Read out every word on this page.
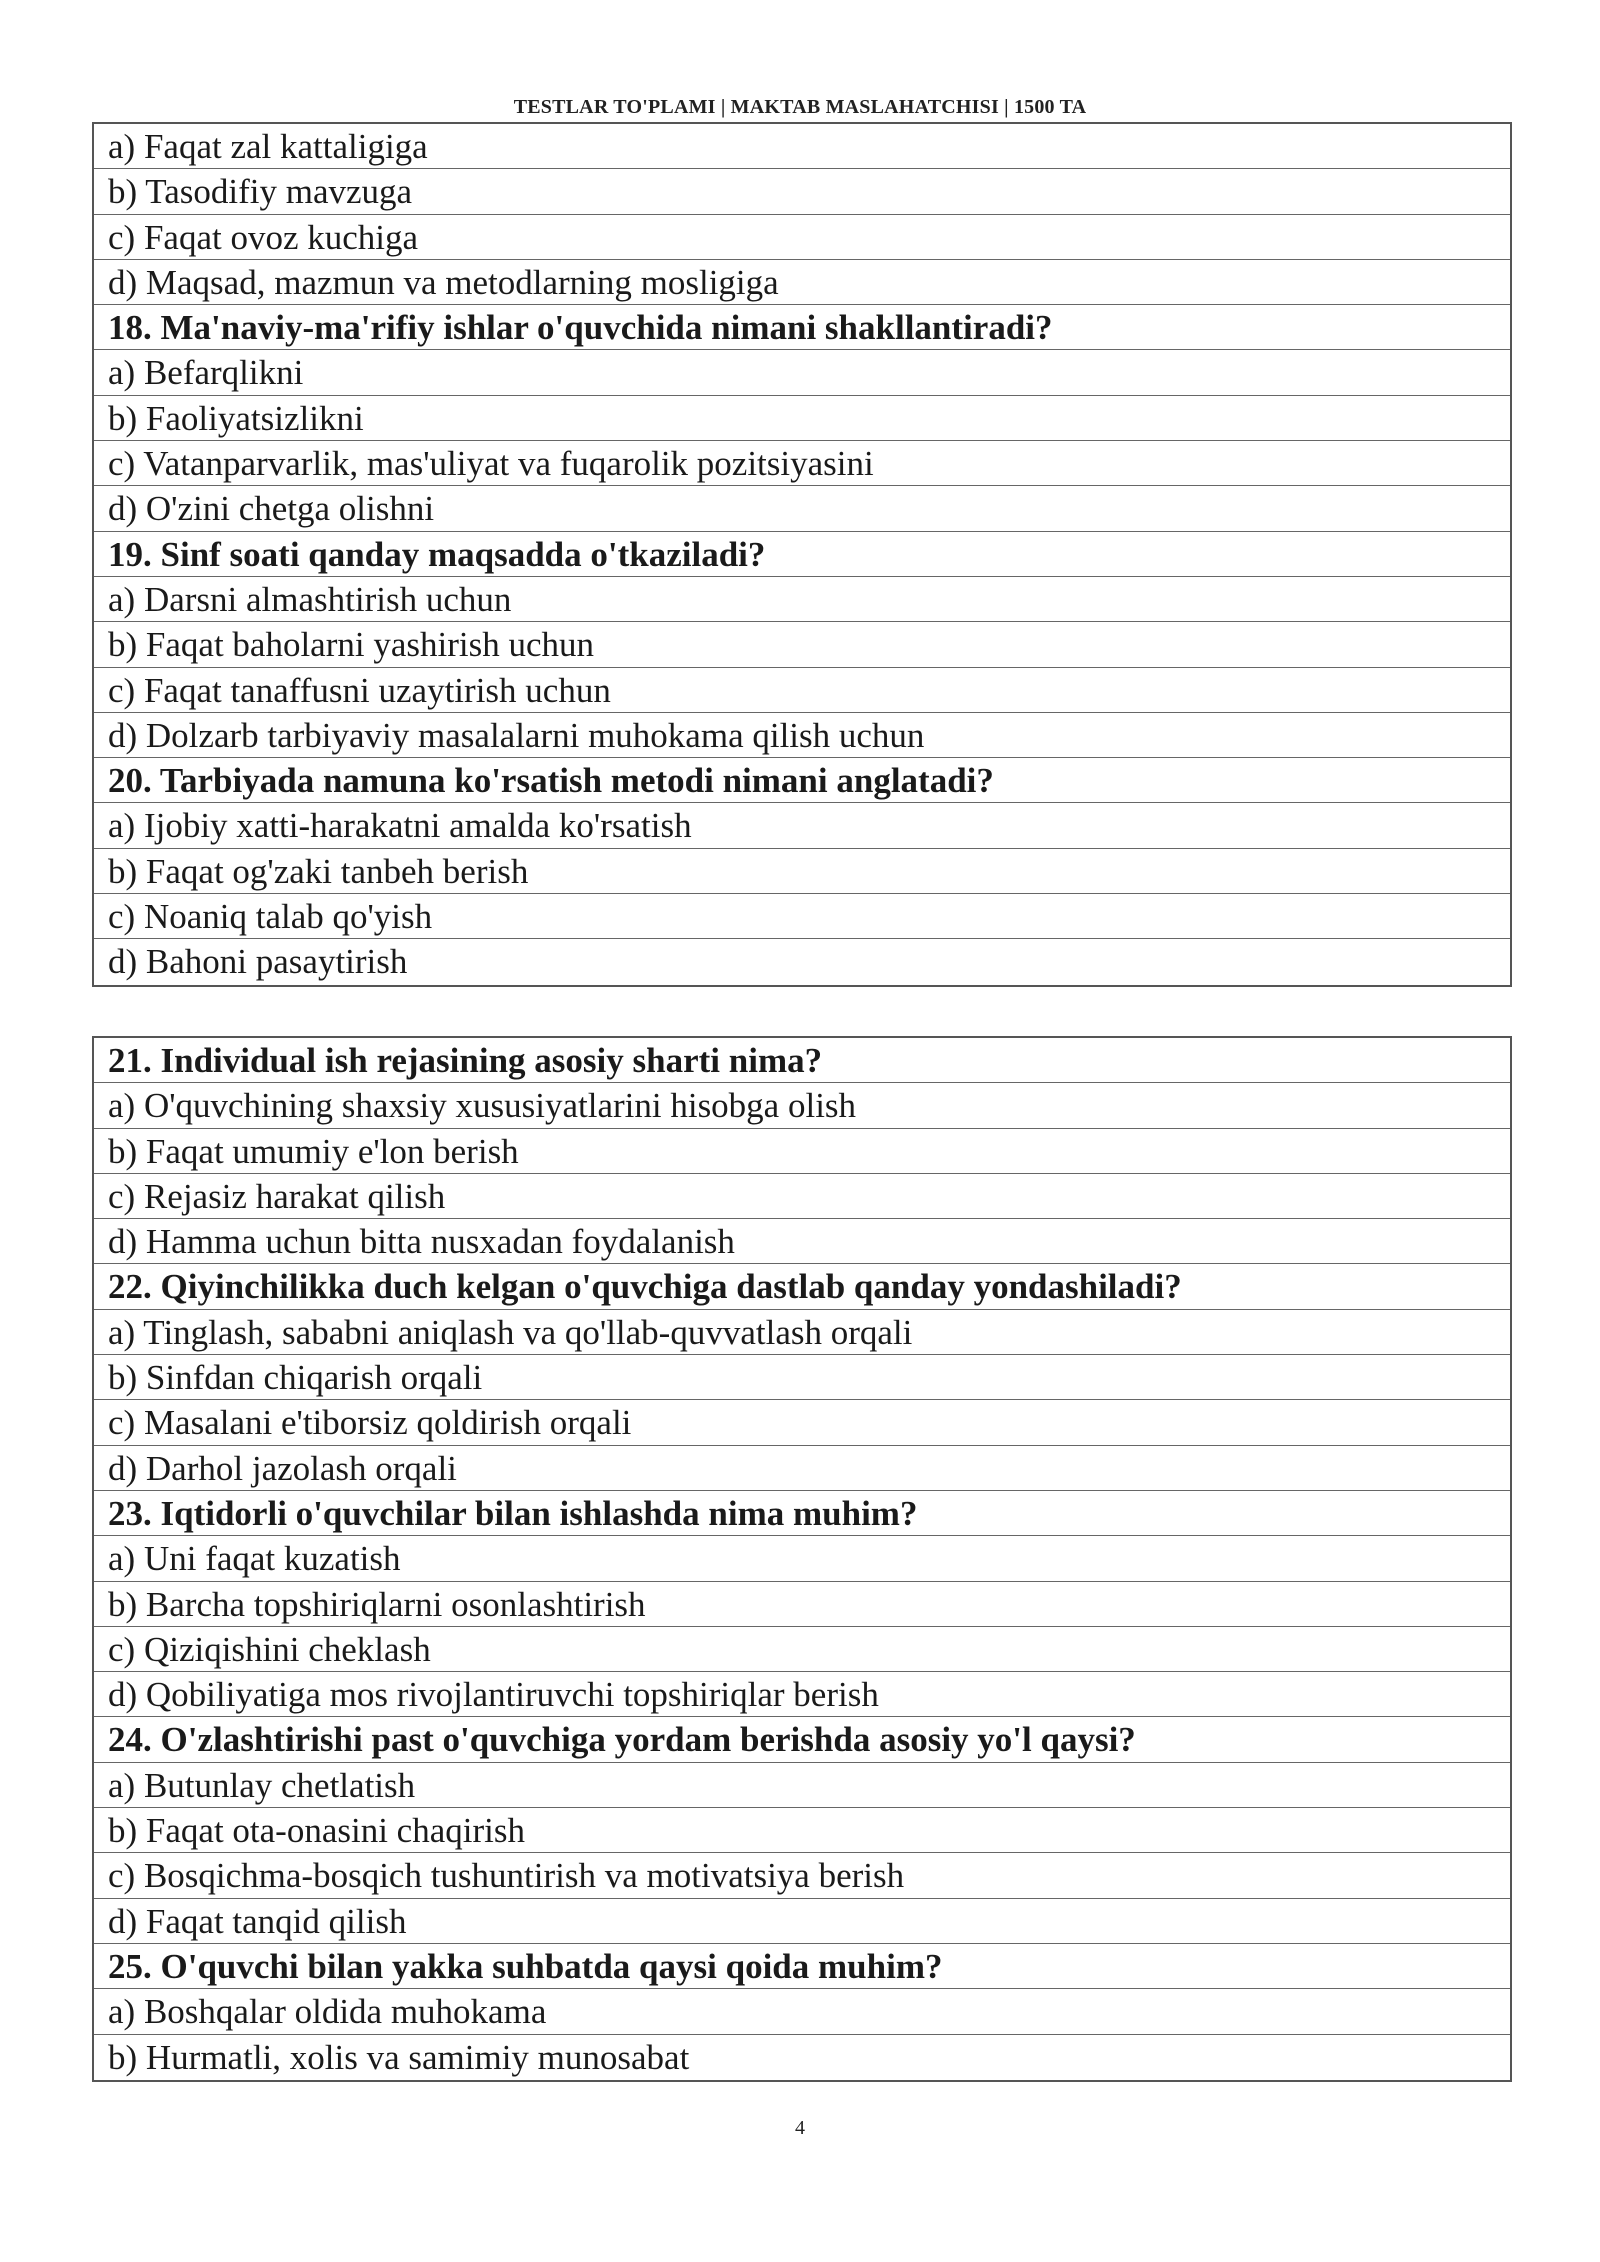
TESTLAR TO'PLAMI | MAKTAB MASLAHATCHISI | 1500 TA
a) Faqat zal kattaligiga
b) Tasodifiy mavzuga
c) Faqat ovoz kuchiga
d) Maqsad, mazmun va metodlarning mosligiga
18. Ma'naviy-ma'rifiy ishlar o'quvchida nimani shakllantiradi?
a) Befarqlikni
b) Faoliyatsizlikni
c) Vatanparvarlik, mas'uliyat va fuqarolik pozitsiyasini
d) O'zini chetga olishni
19. Sinf soati qanday maqsadda o'tkaziladi?
a) Darsni almashtirish uchun
b) Faqat baholarni yashirish uchun
c) Faqat tanaffusni uzaytirish uchun
d) Dolzarb tarbiyaviy masalalarni muhokama qilish uchun
20. Tarbiyada namuna ko'rsatish metodi nimani anglatadi?
a) Ijobiy xatti-harakatni amalda ko'rsatish
b) Faqat og'zaki tanbeh berish
c) Noaniq talab qo'yish
d) Bahoni pasaytirish
21. Individual ish rejasining asosiy sharti nima?
a) O'quvchining shaxsiy xususiyatlarini hisobga olish
b) Faqat umumiy e'lon berish
c) Rejasiz harakat qilish
d) Hamma uchun bitta nusxadan foydalanish
22. Qiyinchilikka duch kelgan o'quvchiga dastlab qanday yondashiladi?
a) Tinglash, sababni aniqlash va qo'llab-quvvatlash orqali
b) Sinfdan chiqarish orqali
c) Masalani e'tiborsiz qoldirish orqali
d) Darhol jazolash orqali
23. Iqtidorli o'quvchilar bilan ishlashda nima muhim?
a) Uni faqat kuzatish
b) Barcha topshiriqlarni osonlashtirish
c) Qiziqishini cheklash
d) Qobiliyatiga mos rivojlantiruvchi topshiriqlar berish
24. O'zlashtirishi past o'quvchiga yordam berishda asosiy yo'l qaysi?
a) Butunlay chetlatish
b) Faqat ota-onasini chaqirish
c) Bosqichma-bosqich tushuntirish va motivatsiya berish
d) Faqat tanqid qilish
25. O'quvchi bilan yakka suhbatda qaysi qoida muhim?
a) Boshqalar oldida muhokama
b) Hurmatli, xolis va samimiy munosabat
4
